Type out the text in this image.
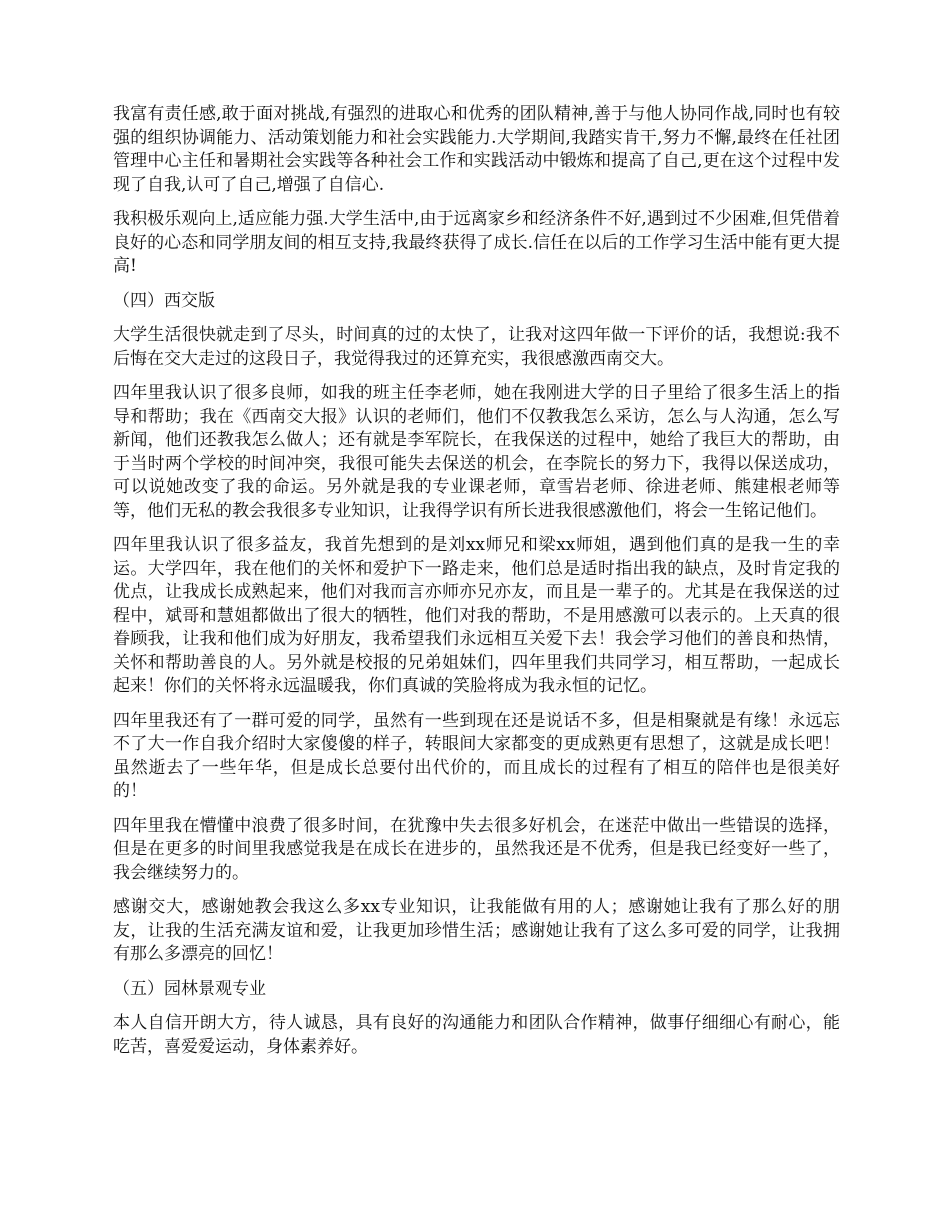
我富有责任感,敢于面对挑战,有强烈的进取心和优秀的团队精神,善于与他人协同作战,同时也有较强的组织协调能力、活动策划能力和社会实践能力.大学期间,我踏实肯干,努力不懈,最终在任社团管理中心主任和暑期社会实践等各种社会工作和实践活动中锻炼和提高了自己,更在这个过程中发现了自我,认可了自己,增强了自信心.

我积极乐观向上,适应能力强.大学生活中,由于远离家乡和经济条件不好,遇到过不少困难,但凭借着良好的心态和同学朋友间的相互支持,我最终获得了成长.信任在以后的工作学习生活中能有更大提高!

（四）西交版

大学生活很快就走到了尽头，时间真的过的太快了，让我对这四年做一下评价的话，我想说:我不后悔在交大走过的这段日子，我觉得我过的还算充实，我很感激西南交大。

四年里我认识了很多良师，如我的班主任李老师，她在我刚进大学的日子里给了很多生活上的指导和帮助；我在《西南交大报》认识的老师们，他们不仅教我怎么采访，怎么与人沟通，怎么写新闻，他们还教我怎么做人；还有就是李军院长，在我保送的过程中，她给了我巨大的帮助，由于当时两个学校的时间冲突，我很可能失去保送的机会，在李院长的努力下，我得以保送成功，可以说她改变了我的命运。另外就是我的专业课老师，章雪岩老师、徐进老师、熊建根老师等等，他们无私的教会我很多专业知识，让我得学识有所长进我很感激他们，将会一生铭记他们。

四年里我认识了很多益友，我首先想到的是刘xx师兄和梁xx师姐，遇到他们真的是我一生的幸运。大学四年，我在他们的关怀和爱护下一路走来，他们总是适时指出我的缺点，及时肯定我的优点，让我成长成熟起来，他们对我而言亦师亦兄亦友，而且是一辈子的。尤其是在我保送的过程中，斌哥和慧姐都做出了很大的牺牲，他们对我的帮助，不是用感激可以表示的。上天真的很眷顾我，让我和他们成为好朋友，我希望我们永远相互关爱下去！我会学习他们的善良和热情，关怀和帮助善良的人。另外就是校报的兄弟姐妹们，四年里我们共同学习，相互帮助，一起成长起来！你们的关怀将永远温暖我，你们真诚的笑脸将成为我永恒的记忆。

四年里我还有了一群可爱的同学，虽然有一些到现在还是说话不多，但是相聚就是有缘！永远忘不了大一作自我介绍时大家傻傻的样子，转眼间大家都变的更成熟更有思想了，这就是成长吧！虽然逝去了一些年华，但是成长总要付出代价的，而且成长的过程有了相互的陪伴也是很美好的！

四年里我在懵懂中浪费了很多时间，在犹豫中失去很多好机会，在迷茫中做出一些错误的选择，但是在更多的时间里我感觉我是在成长在进步的，虽然我还是不优秀，但是我已经变好一些了，我会继续努力的。

感谢交大，感谢她教会我这么多xx专业知识，让我能做有用的人；感谢她让我有了那么好的朋友，让我的生活充满友谊和爱，让我更加珍惜生活；感谢她让我有了这么多可爱的同学，让我拥有那么多漂亮的回忆！

（五）园林景观专业

本人自信开朗大方，待人诚恳，具有良好的沟通能力和团队合作精神，做事仔细细心有耐心，能吃苦，喜爱爱运动，身体素养好。
